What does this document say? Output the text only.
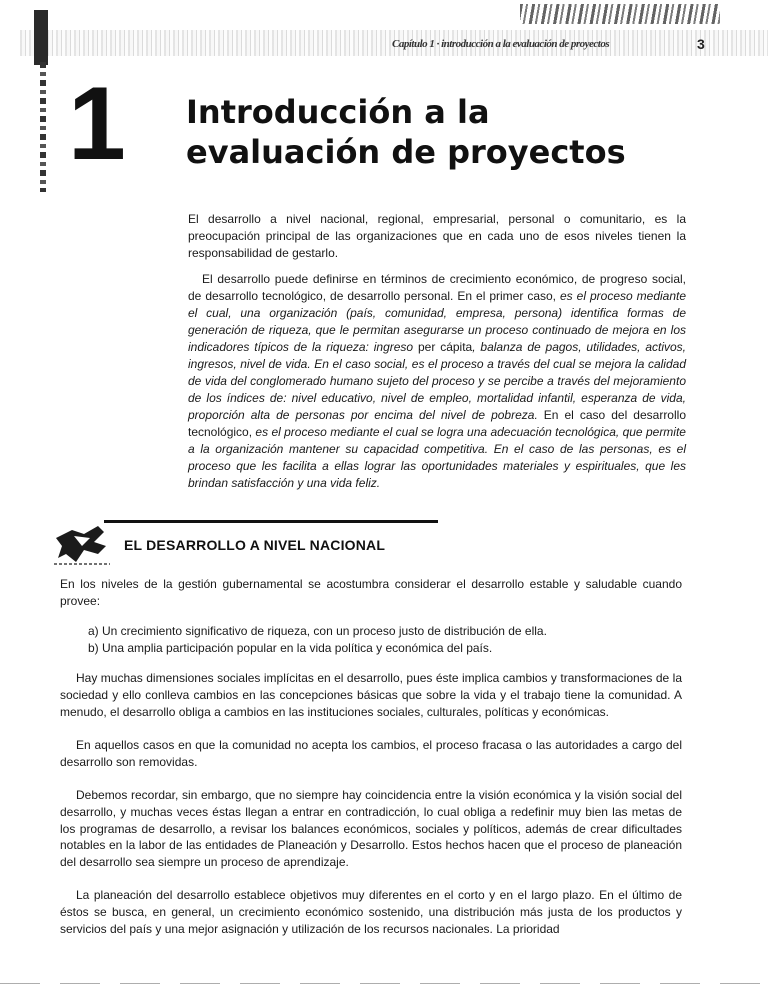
Capítulo 1 · introducción a la evaluación de proyectos	3
1 Introducción a la evaluación de proyectos

El desarrollo a nivel nacional, regional, empresarial, personal o comunitario, es la preocupación principal de las organizaciones que en cada uno de esos niveles tienen la responsabilidad de gestarlo.

El desarrollo puede definirse en términos de crecimiento económico, de progreso social, de desarrollo tecnológico, de desarrollo personal. En el primer caso, es el proceso mediante el cual, una organización (país, comunidad, empresa, persona) identifica formas de generación de riqueza, que le permitan asegurarse un proceso continuado de mejora en los indicadores típicos de la riqueza: ingreso per cápita, balanza de pagos, utilidades, activos, ingresos, nivel de vida. En el caso social, es el proceso a través del cual se mejora la calidad de vida del conglomerado humano sujeto del proceso y se percibe a través del mejoramiento de los índices de: nivel educativo, nivel de empleo, mortalidad infantil, esperanza de vida, proporción alta de personas por encima del nivel de pobreza. En el caso del desarrollo tecnológico, es el proceso mediante el cual se logra una adecuación tecnológica, que permite a la organización mantener su capacidad competitiva. En el caso de las personas, es el proceso que les facilita a ellas lograr las oportunidades materiales y espirituales, que les brindan satisfacción y una vida feliz.

EL DESARROLLO A NIVEL NACIONAL

En los niveles de la gestión gubernamental se acostumbra considerar el desarrollo estable y saludable cuando provee:

a) Un crecimiento significativo de riqueza, con un proceso justo de distribución de ella.
b) Una amplia participación popular en la vida política y económica del país.

Hay muchas dimensiones sociales implícitas en el desarrollo, pues éste implica cambios y transformaciones de la sociedad y ello conlleva cambios en las concepciones básicas que sobre la vida y el trabajo tiene la comunidad. A menudo, el desarrollo obliga a cambios en las instituciones sociales, culturales, políticas y económicas.

En aquellos casos en que la comunidad no acepta los cambios, el proceso fracasa o las autoridades a cargo del desarrollo son removidas.

Debemos recordar, sin embargo, que no siempre hay coincidencia entre la visión económica y la visión social del desarrollo, y muchas veces éstas llegan a entrar en contradicción, lo cual obliga a redefinir muy bien las metas de los programas de desarrollo, a revisar los balances económicos, sociales y políticos, además de crear dificultades notables en la labor de las entidades de Planeación y Desarrollo. Estos hechos hacen que el proceso de planeación del desarrollo sea siempre un proceso de aprendizaje.

La planeación del desarrollo establece objetivos muy diferentes en el corto y en el largo plazo. En el último de éstos se busca, en general, un crecimiento económico sostenido, una distribución más justa de los productos y servicios del país y una mejor asignación y utilización de los recursos nacionales. La prioridad
